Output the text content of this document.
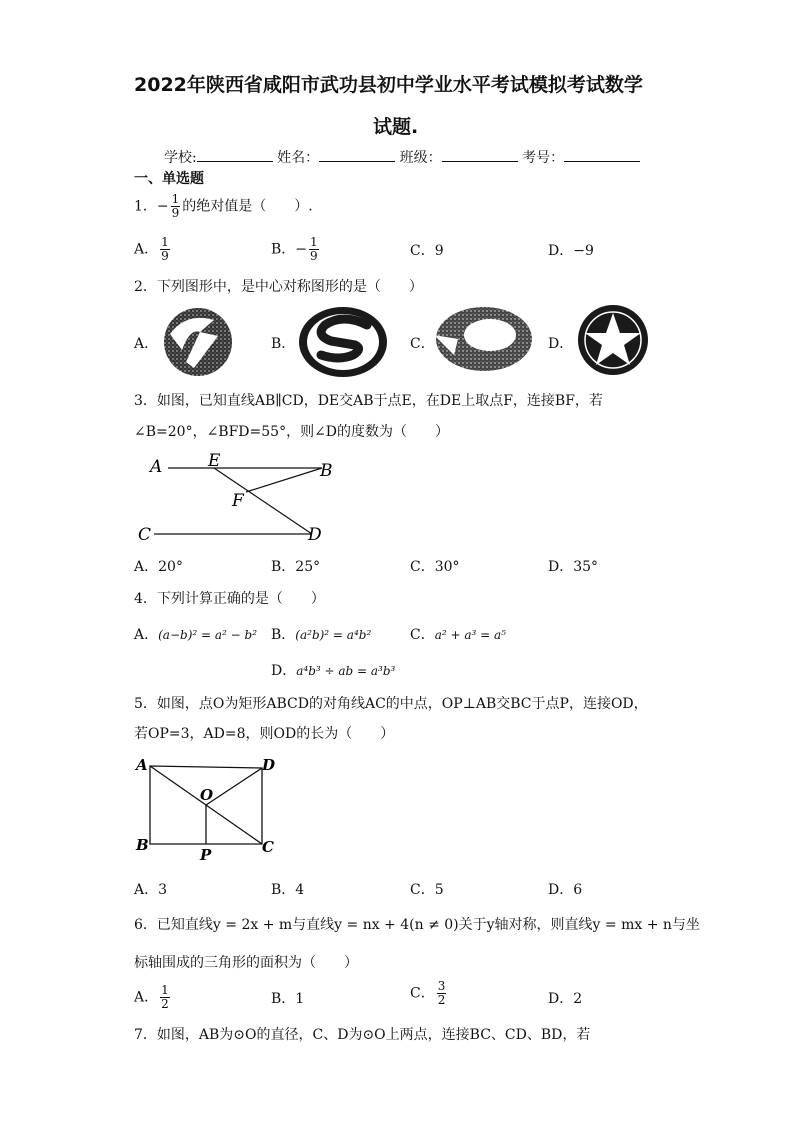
2022年陕西省咸阳市武功县初中学业水平考试模拟考试数学
试题.
学校:	姓名：	班级：	考号：
一、单选题
1．− $\frac{1}{9}$ 的绝对值是（　　）.
A． $\frac{1}{9}$	B．− $\frac{1}{9}$	C．9	D．−9
2．下列图形中，是中心对称图形的是（　　）
A．	B．	C．	D．
3．如图，已知直线AB∥CD，DE交AB于点E，在DE上取点F，连接BF，若
∠B=20°，∠BFD=55°，则∠D的度数为（　　）
A	E	B
F
C	D
A．20°	B．25°	C．30°	D．35°
4．下列计算正确的是（　　）
A．(a−b)² = a² − b² B．(a²b)² = a⁴b²	C．a² + a³ = a⁵
D．a⁴b³ ÷ ab = a³b³
5．如图，点O为矩形ABCD的对角线AC的中点，OP⊥AB交BC于点P，连接OD，
若OP=3，AD=8，则OD的长为（　　）
A	D
O
B
P	C
A．3	B．4	C．5	D．6
6．已知直线y = 2x + m与直线y = nx + 4(n ≠ 0)关于y轴对称，则直线y = mx + n与坐
标轴围成的三角形的面积为（　　）
A． $\frac{1}{2}$	B．1	C． $\frac{3}{2}$	D．2
7．如图，AB为⊙O的直径，C、D为⊙O上两点，连接BC、CD、BD，若
